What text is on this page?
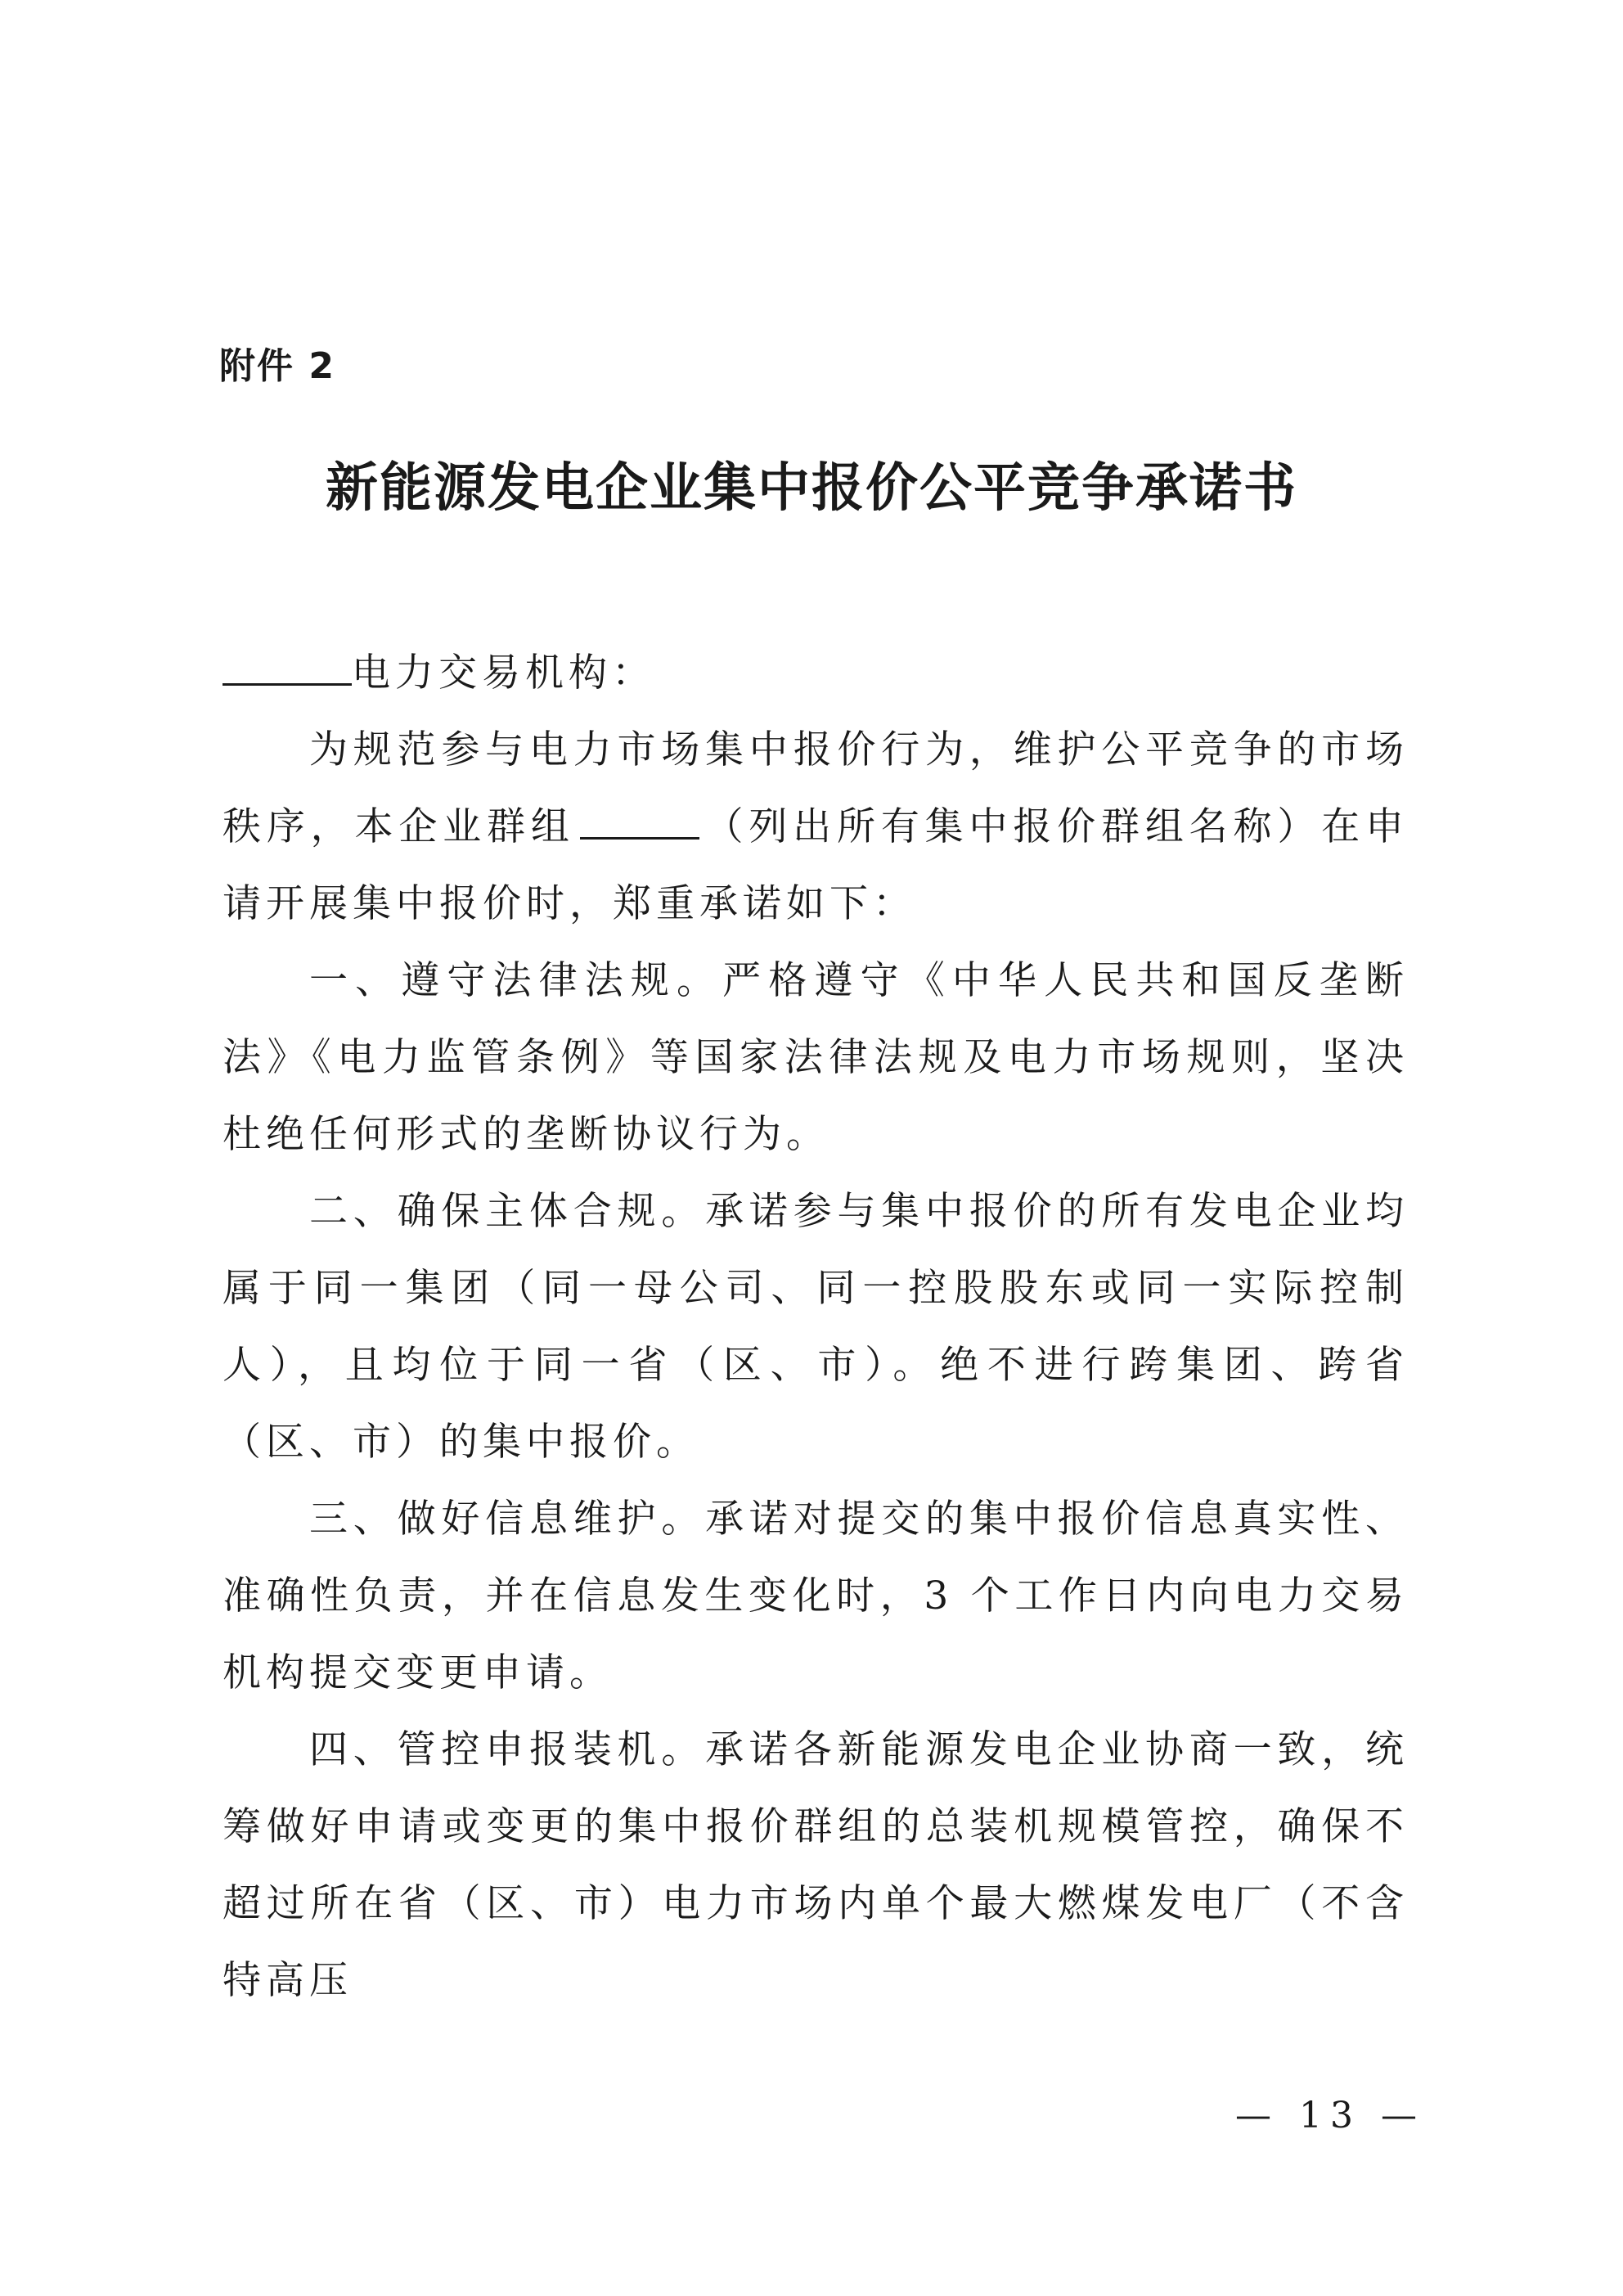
附件 2
新能源发电企业集中报价公平竞争承诺书

电力交易机构：

为规范参与电力市场集中报价行为，维护公平竞争的市场秩序，本企业群组	（列出所有集中报价群组名称）在申请开展集中报价时，郑重承诺如下：

一、遵守法律法规。严格遵守《中华人民共和国反垄断法》《电力监管条例》等国家法律法规及电力市场规则，坚决杜绝任何形式的垄断协议行为。

二、确保主体合规。承诺参与集中报价的所有发电企业均属于同一集团（同一母公司、同一控股股东或同一实际控制人），且均位于同一省（区、市）。绝不进行跨集团、跨省（区、市）的集中报价。

三、做好信息维护。承诺对提交的集中报价信息真实性、准确性负责，并在信息发生变化时，3 个工作日内向电力交易机构提交变更申请。

四、管控申报装机。承诺各新能源发电企业协商一致，统筹做好申请或变更的集中报价群组的总装机规模管控，确保不超过所在省（区、市）电力市场内单个最大燃煤发电厂（不含特高压

— 13 —
